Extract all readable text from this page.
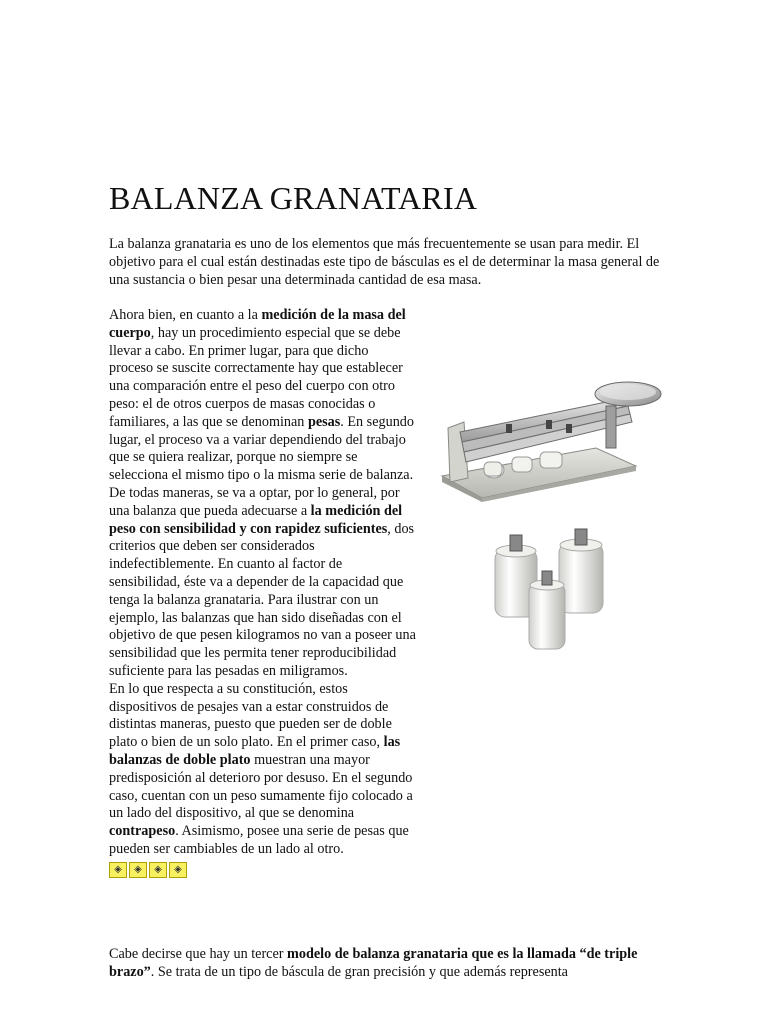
BALANZA GRANATARIA

La balanza granataria es uno de los elementos que más frecuentemente se usan para medir. El objetivo para el cual están destinadas este tipo de básculas es el de determinar la masa general de una sustancia o bien pesar una determinada cantidad de esa masa.

Ahora bien, en cuanto a la medición de la masa del cuerpo, hay un procedimiento especial que se debe llevar a cabo. En primer lugar, para que dicho proceso se suscite correctamente hay que establecer una comparación entre el peso del cuerpo con otro peso: el de otros cuerpos de masas conocidas o familiares, a las que se denominan pesas. En segundo lugar, el proceso va a variar dependiendo del trabajo que se quiera realizar, porque no siempre se selecciona el mismo tipo o la misma serie de balanza. De todas maneras, se va a optar, por lo general, por una balanza que pueda adecuarse a la medición del peso con sensibilidad y con rapidez suficientes, dos criterios que deben ser considerados indefectiblemente. En cuanto al factor de sensibilidad, éste va a depender de la capacidad que tenga la balanza granataria. Para ilustrar con un ejemplo, las balanzas que han sido diseñadas con el objetivo de que pesen kilogramos no van a poseer una sensibilidad que les permita tener reproducibilidad suficiente para las pesadas en miligramos.

En lo que respecta a su constitución, estos dispositivos de pesajes van a estar construidos de distintas maneras, puesto que pueden ser de doble plato o bien de un solo plato. En el primer caso, las balanzas de doble plato muestran una mayor predisposición al deterioro por desuso. En el segundo caso, cuentan con un peso sumamente fijo colocado a un lado del dispositivo, al que se denomina contrapeso. Asimismo, posee una serie de pesas que pueden ser cambiables de un lado al otro.

◈	◈	◈	◈

Cabe decirse que hay un tercer modelo de balanza granataria que es la llamada “de triple brazo”. Se trata de un tipo de báscula de gran precisión y que además representa
